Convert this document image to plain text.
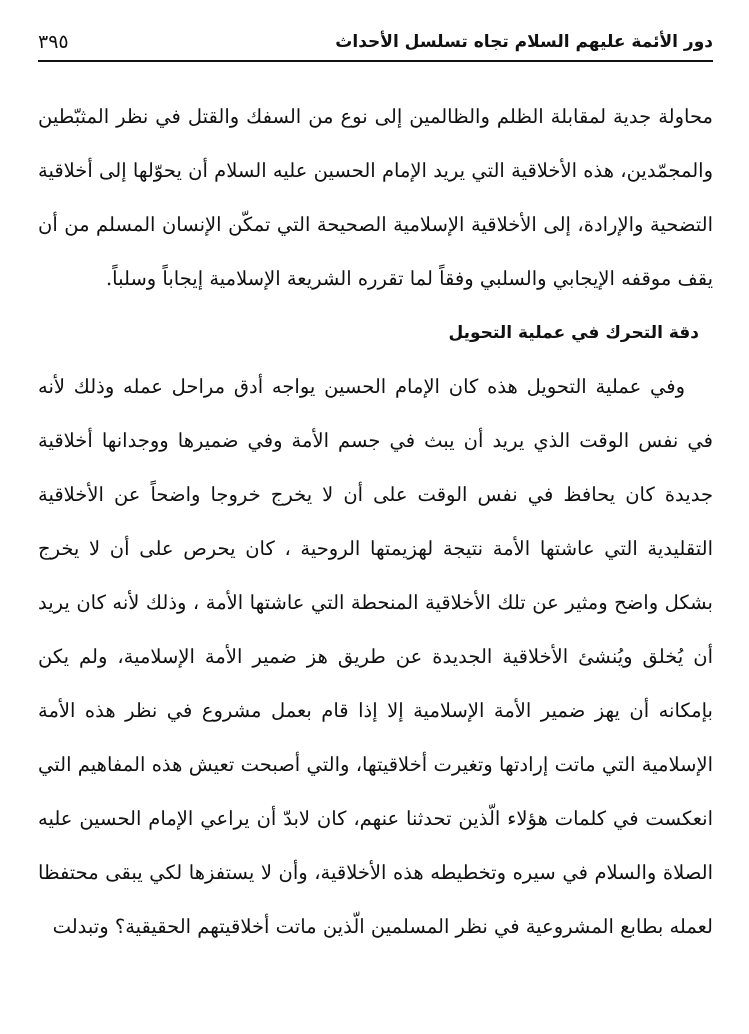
دور الأئمة عليهم السلام تجاه تسلسل الأحداث
٣٩٥

محاولة جدية لمقابلة الظلم والظالمين إلى نوع من السفك والقتل في نظر المثبّطين والمجمّدين، هذه الأخلاقية التي يريد الإمام الحسين عليه السلام أن يحوّلها إلى أخلاقية التضحية والإرادة، إلى الأخلاقية الإسلامية الصحيحة التي تمكّن الإنسان المسلم من أن يقف موقفه الإيجابي والسلبي وفقاً لما تقرره الشريعة الإسلامية إيجاباً وسلباً.

دقة التحرك في عملية التحويل

وفي عملية التحويل هذه كان الإمام الحسين يواجه أدق مراحل عمله وذلك لأنه في نفس الوقت الذي يريد أن يبث في جسم الأمة وفي ضميرها ووجدانها أخلاقية جديدة كان يحافظ في نفس الوقت على أن لا يخرج خروجا واضحاً عن الأخلاقية التقليدية التي عاشتها الأمة نتيجة لهزيمتها الروحية ، كان يحرص على أن لا يخرج بشكل واضح ومثير عن تلك الأخلاقية المنحطة التي عاشتها الأمة ، وذلك لأنه كان يريد أن يُخلق ويُنشئ الأخلاقية الجديدة عن طريق هز ضمير الأمة الإسلامية، ولم يكن بإمكانه أن يهز ضمير الأمة الإسلامية إلا إذا قام بعمل مشروع في نظر هذه الأمة الإسلامية التي ماتت إرادتها وتغيرت أخلاقيتها، والتي أصبحت تعيش هذه المفاهيم التي انعكست في كلمات هؤلاء الّذين تحدثنا عنهم، كان لابدّ أن يراعي الإمام الحسين عليه الصلاة والسلام في سيره وتخطيطه هذه الأخلاقية، وأن لا يستفزها لكي يبقى محتفظا لعمله بطابع المشروعية في نظر المسلمين الّذين ماتت أخلاقيتهم الحقيقية؟ وتبدلت
